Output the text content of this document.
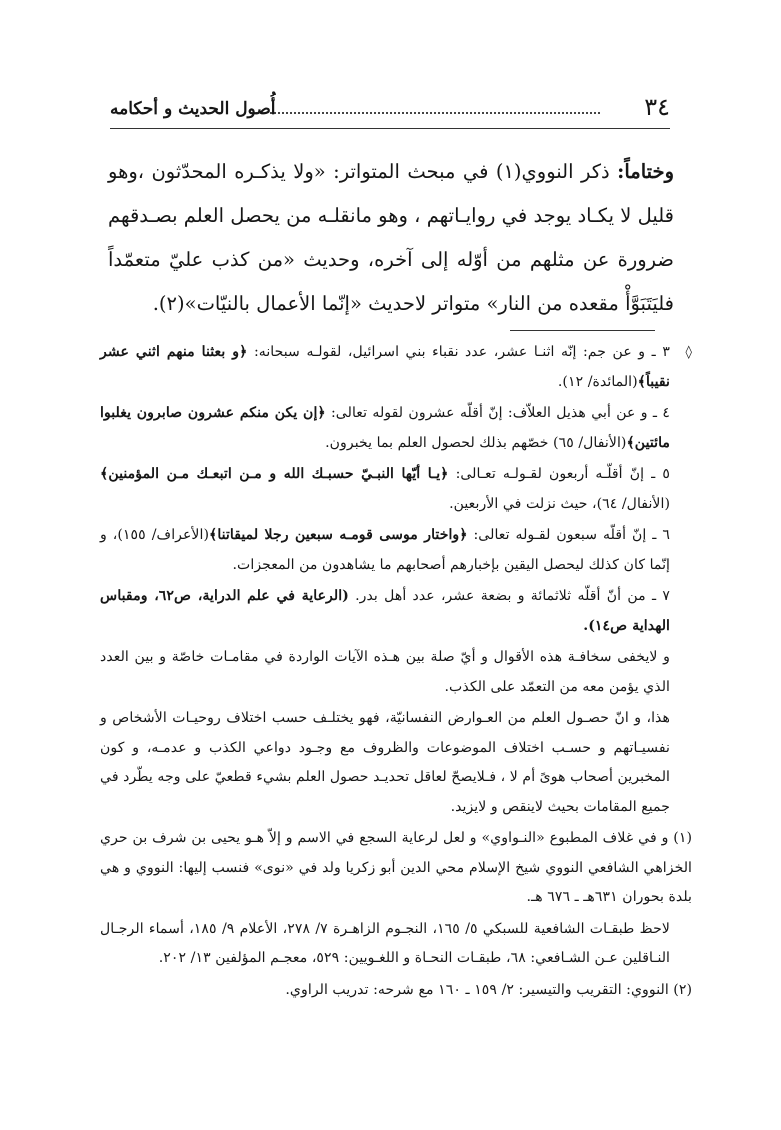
٣٤
أُصول الحديث و أحكامه

وختاماً: ذكر النووي(١) في مبحث المتواتر: «ولا يذكـره المحدّثون ،وهو قليل لا يكـاد يوجد في روايـاتهم ، وهو مانقلـه من يحصل العلم بصـدقهم ضرورة عن مثلهم من أوّله إلى آخره، وحديث «من كذب عليّ متعمّداً فليَتَبَوَّأْ مقعده من النار» متواتر لاحديث «إنّما الأعمال بالنيّات»(٢).

◊٣ ـ و عن جم: إنّه اثنـا عشر، عدد نقباء بني اسرائيل، لقولـه سبحانه: ﴿و بعثنا منهم اثني عشر نقيباً﴾(المائدة/ ١٢).

٤ ـ و عن أبي هذيل العلاّف: إنّ أقلّه عشرون لقوله تعالى: ﴿إن يكن منكم عشرون صابرون يغلبوا مائتين﴾(الأنفال/ ٦٥) خصّهم بذلك لحصول العلم بما يخبرون.

٥ ـ إنّ أقلّـه أربعون لقـولـه تعـالى: ﴿يـا أيّها النبـيّ حسبـك الله و مـن اتبعـك مـن المؤمنين﴾(الأنفال/ ٦٤)، حيث نزلت في الأربعين.

٦ ـ إنّ أقلّه سبعون لقـوله تعالى: ﴿واختار موسى قومـه سبعين رجلا لميقاتنا﴾(الأعراف/ ١٥٥)، و إنّما كان كذلك ليحصل اليقين بإخبارهم أصحابهم ما يشاهدون من المعجزات.

٧ ـ من أنّ أقلّه ثلاثمائة و بضعة عشر، عدد أهل بدر. (الرعاية في علم الدراية، ص٦٢، ومقباس الهداية ص١٤).

و لايخفى سخافـة هذه الأقوال و أيّ صلة بين هـذه الآيات الواردة في مقامـات خاصّة و بين العدد الذي يؤمن معه من التعمّد على الكذب.

هذا، و انّ حصـول العلم من العـوارض النفسانيّة، فهو يختلـف حسب اختلاف روحيـات الأشخاص و نفسيـاتهم و حسـب اختلاف الموضوعات والظروف مع وجـود دواعي الكذب و عدمـه، و كون المخبرين أصحاب هوىً أم لا ، فـلايصحّ لعاقل تحديـد حصول العلم بشيء قطعيّ على وجه يطّرد في جميع المقامات بحيث لاينقص و لايزيد.

(١) و في غلاف المطبوع «النـواوي» و لعل لرعاية السجع في الاسم و إلاّ هـو يحيى بن شرف بن حري الخزاهي الشافعي النووي شيخ الإسلام محي الدين أبو زكريا ولد في «نوى» فنسب إليها: النووي و هي بلدة بحوران ٦٣١هـ ـ ٦٧٦ هـ.

لاحظ طبقـات الشافعية للسبكي ٥/ ١٦٥، النجـوم الزاهـرة ٧/ ٢٧٨، الأعلام ٩/ ١٨٥، أسماء الرجـال النـاقلين عـن الشـافعي: ٦٨، طبقـات النحـاة و اللغـويين: ٥٢٩، معجـم المؤلفين ١٣/ ٢٠٢.

(٢) النووي: التقريب والتيسير: ٢/ ١٥٩ ـ ١٦٠ مع شرحه: تدريب الراوي.
